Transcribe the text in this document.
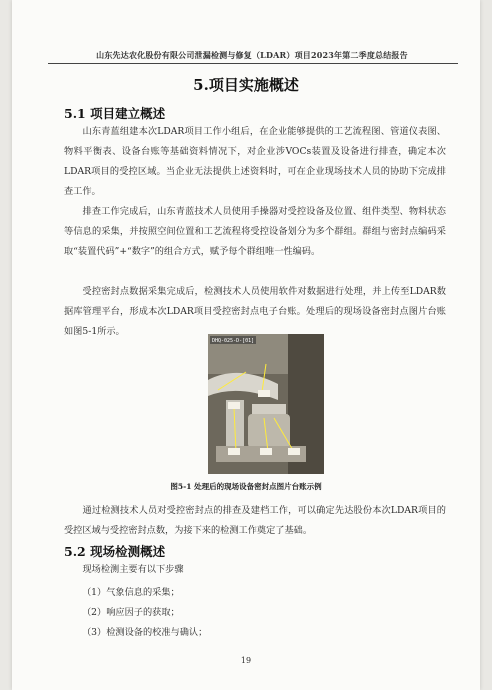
山东先达农化股份有限公司泄漏检测与修复（LDAR）项目2023年第二季度总结报告
5.项目实施概述
5.1 项目建立概述
山东青蓝组建本次LDAR项目工作小组后，在企业能够提供的工艺流程图、管道仪表图、物料平衡表、设备台账等基础资料情况下，对企业涉VOCs装置及设备进行排查，确定本次LDAR项目的受控区域。当企业无法提供上述资料时，可在企业现场技术人员的协助下完成排查工作。
排查工作完成后，山东青蓝技术人员使用手操器对受控设备及位置、组件类型、物料状态等信息的采集，并按照空间位置和工艺流程将受控设备划分为多个群组。群组与密封点编码采取“装置代码”+“数字”的组合方式，赋予每个群组唯一性编码。
受控密封点数据采集完成后，检测技术人员使用软件对数据进行处理，并上传至LDAR数据库管理平台，形成本次LDAR项目受控密封点电子台账。处理后的现场设备密封点图片台账如图5-1所示。
DHQ-025-D-[01]
图5-1 处理后的现场设备密封点图片台账示例
通过检测技术人员对受控密封点的排查及建档工作，可以确定先达股份本次LDAR项目的受控区域与受控密封点数，为接下来的检测工作奠定了基础。
5.2 现场检测概述
现场检测主要有以下步骤
（1）气象信息的采集；
（2）响应因子的获取；
（3）检测设备的校准与确认；
19
